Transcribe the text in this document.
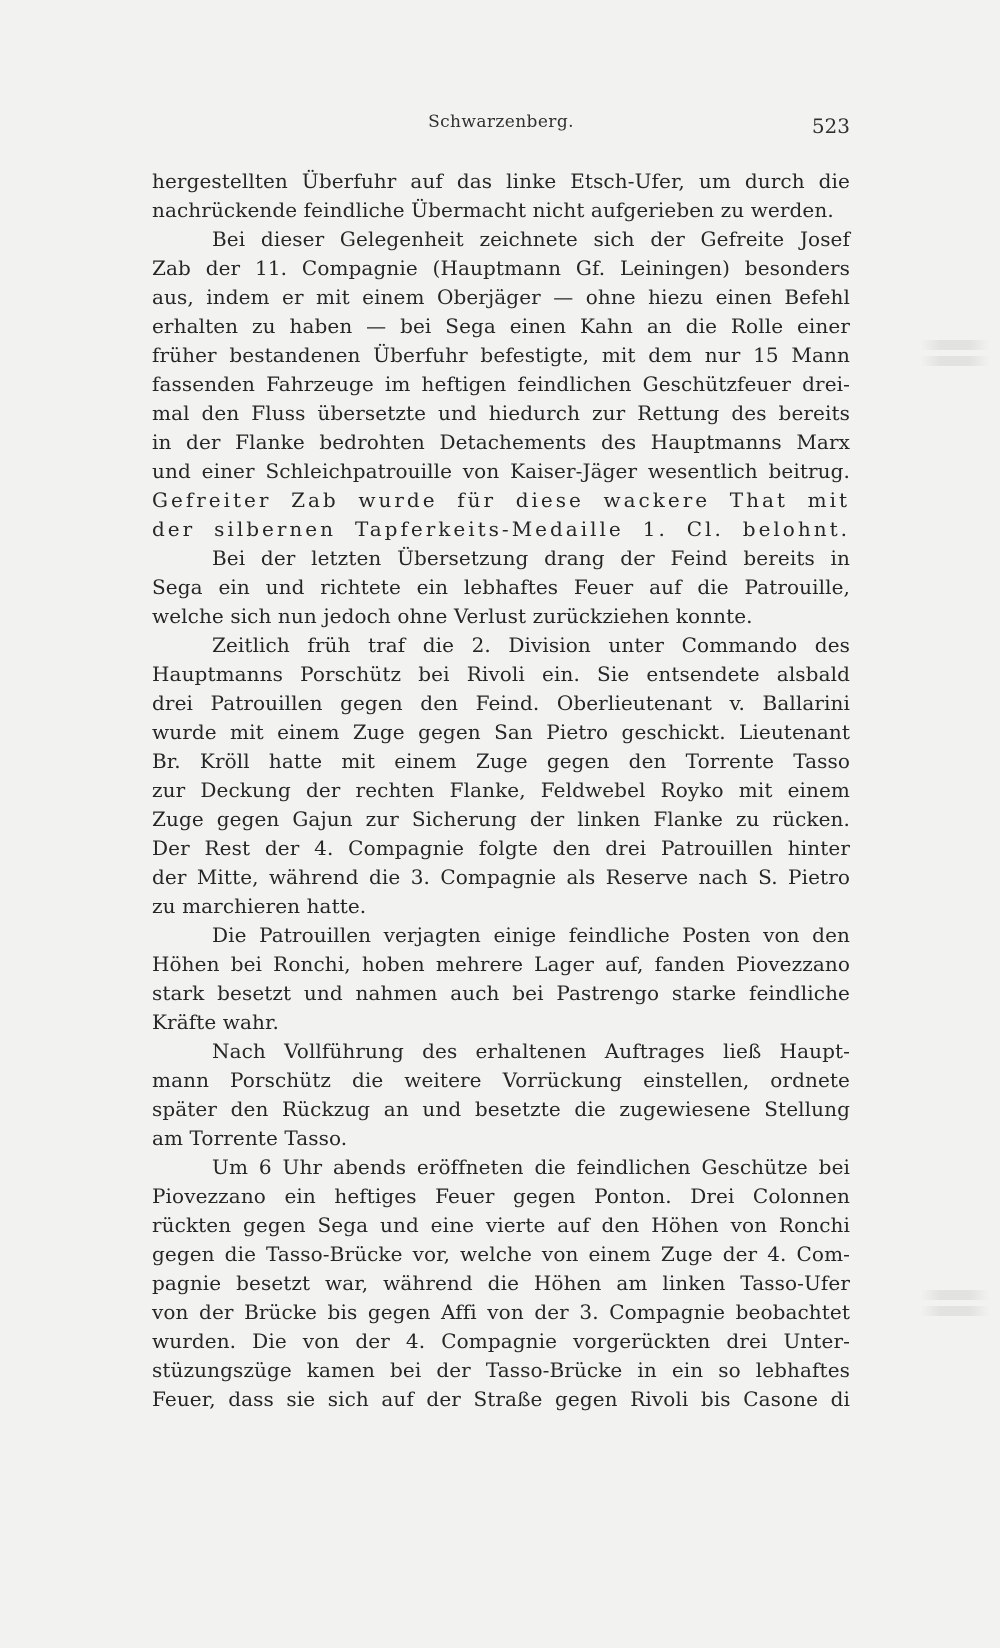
Schwarzenberg.	523
hergestellten Überfuhr auf das linke Etsch-Ufer, um durch die
nachrückende feindliche Übermacht nicht aufgerieben zu werden.
Bei dieser Gelegenheit zeichnete sich der Gefreite Josef
Zab der 11. Compagnie (Hauptmann Gf. Leiningen) besonders
aus, indem er mit einem Oberjäger — ohne hiezu einen Befehl
erhalten zu haben — bei Sega einen Kahn an die Rolle einer
früher bestandenen Überfuhr befestigte, mit dem nur 15 Mann
fassenden Fahrzeuge im heftigen feindlichen Geschützfeuer drei-
mal den Fluss übersetzte und hiedurch zur Rettung des bereits
in der Flanke bedrohten Detachements des Hauptmanns Marx
und einer Schleichpatrouille von Kaiser-Jäger wesentlich beitrug.
Gefreiter Zab wurde für diese wackere That mit
der silbernen Tapferkeits-Medaille 1. Cl. belohnt.
Bei der letzten Übersetzung drang der Feind bereits in
Sega ein und richtete ein lebhaftes Feuer auf die Patrouille,
welche sich nun jedoch ohne Verlust zurückziehen konnte.
Zeitlich früh traf die 2. Division unter Commando des
Hauptmanns Porschütz bei Rivoli ein. Sie entsendete alsbald
drei Patrouillen gegen den Feind. Oberlieutenant v. Ballarini
wurde mit einem Zuge gegen San Pietro geschickt. Lieutenant
Br. Kröll hatte mit einem Zuge gegen den Torrente Tasso
zur Deckung der rechten Flanke, Feldwebel Royko mit einem
Zuge gegen Gajun zur Sicherung der linken Flanke zu rücken.
Der Rest der 4. Compagnie folgte den drei Patrouillen hinter
der Mitte, während die 3. Compagnie als Reserve nach S. Pietro
zu marchieren hatte.
Die Patrouillen verjagten einige feindliche Posten von den
Höhen bei Ronchi, hoben mehrere Lager auf, fanden Piovezzano
stark besetzt und nahmen auch bei Pastrengo starke feindliche
Kräfte wahr.
Nach Vollführung des erhaltenen Auftrages ließ Haupt-
mann Porschütz die weitere Vorrückung einstellen, ordnete
später den Rückzug an und besetzte die zugewiesene Stellung
am Torrente Tasso.
Um 6 Uhr abends eröffneten die feindlichen Geschütze bei
Piovezzano ein heftiges Feuer gegen Ponton. Drei Colonnen
rückten gegen Sega und eine vierte auf den Höhen von Ronchi
gegen die Tasso-Brücke vor, welche von einem Zuge der 4. Com-
pagnie besetzt war, während die Höhen am linken Tasso-Ufer
von der Brücke bis gegen Affi von der 3. Compagnie beobachtet
wurden. Die von der 4. Compagnie vorgerückten drei Unter-
stüzungszüge kamen bei der Tasso-Brücke in ein so lebhaftes
Feuer, dass sie sich auf der Straße gegen Rivoli bis Casone di
